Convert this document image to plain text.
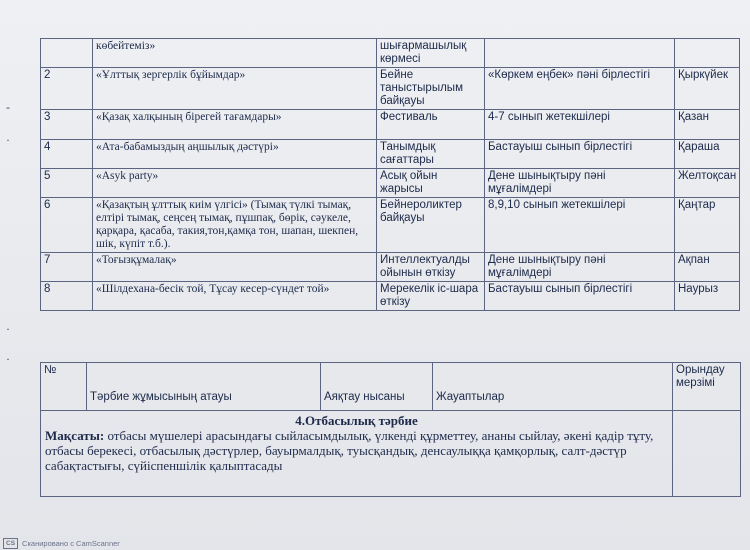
-
·
·
·
	көбейтеміз»	шығармашылық көрмесі		
2	«Ұлттық зергерлік бұйымдар»	Бейне таныстырылым байқауы	«Көркем еңбек» пәні бірлестігі	Қыркүйек
3	«Қазақ халқының бірегей тағамдары»	Фестиваль	4-7 сынып жетекшілері	Қазан
4	«Ата-бабамыздың аңшылық дәстүрі»	Танымдық сағаттары	Бастауыш сынып бірлестігі	Қараша
5	«Asyk party»	Асық ойын жарысы	Дене шынықтыру пәні мұғалімдері	Желтоқсан
6	«Қазақтың ұлттық киім үлгісі» (Тымақ түлкі тымақ, елтірі тымақ, сеңсең тымақ, пұшпақ, бөрік, сәукеле, қарқара, қасаба, такия,тон,қамқа тон, шапан, шекпен, шік, күпіт т.б.).	Бейнероликтер байқауы	8,9,10 сынып жетекшілері	Қаңтар
7	«Тоғызқұмалақ»	Интеллектуалды ойынын өткізу	Дене шынықтыру пәні мұғалімдері	Ақпан
8	«Шілдехана-бесік той, Тұсау кесер-сүндет той»	Мерекелік іс-шара өткізу	Бастауыш сынып бірлестігі	Наурыз
№	Тәрбие жұмысының атауы	Аяқтау нысаны	Жауаптылар	Орындау мерзімі

4.Отбасылық тәрбие
Мақсаты: отбасы мүшелері арасындағы сыйласымдылық, үлкенді құрметтеу, ананы сыйлау, әкені қадір тұту, отбасы берекесі, отбасылық дәстүрлер, бауырмалдық, туысқандық, денсаулыққа қамқорлық, салт-дәстүр сабақтастығы, сүйіспеншілік қалыптасады				

CS Сканировано с CamScanner
